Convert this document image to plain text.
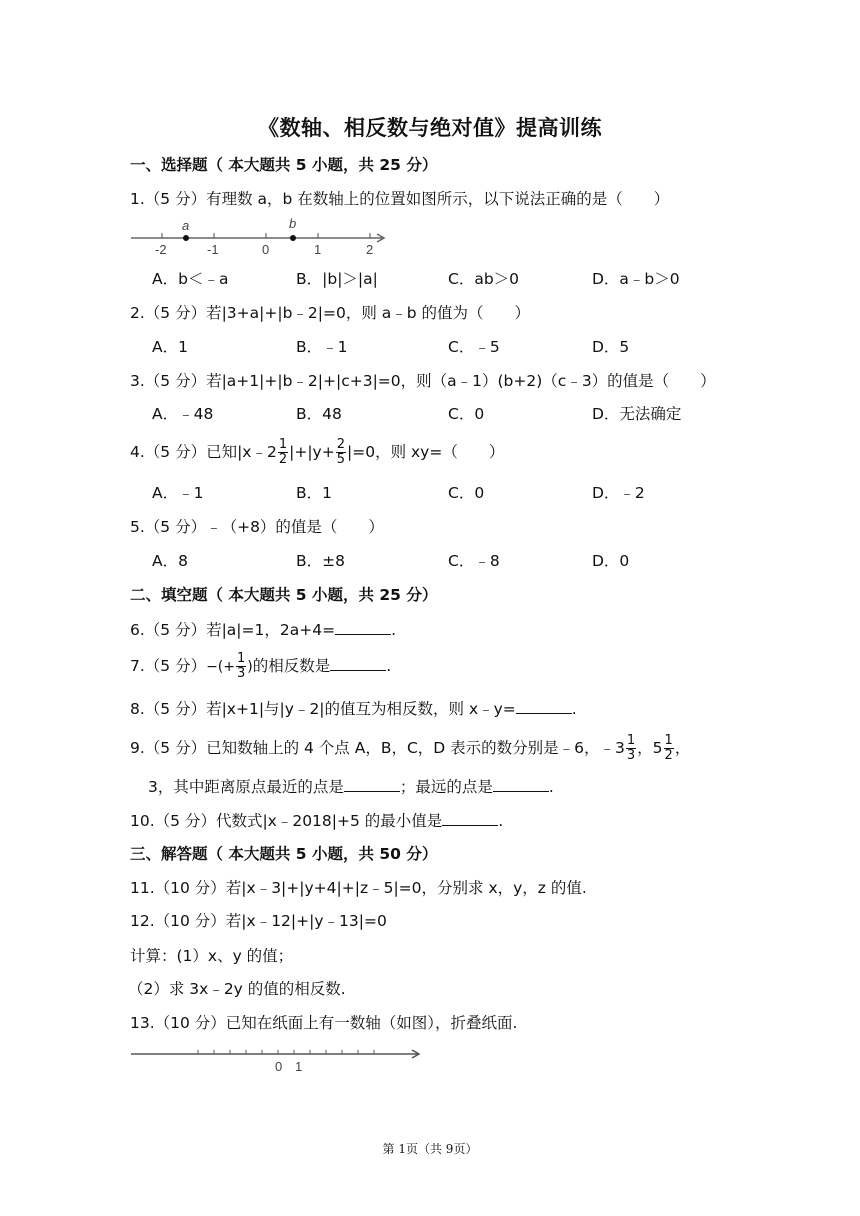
《数轴、相反数与绝对值》提高训练
一、选择题（ 本大题共 5 小题，共 25 分）
1.（5 分）有理数 a，b 在数轴上的位置如图所示，以下说法正确的是（　　）
a	b
-2	-1	0	1	2
A．b＜﹣a	B．|b|＞|a|	C．ab＞0	D．a﹣b＞0
2.（5 分）若|3+a|+|b﹣2|=0，则 a﹣b 的值为（　　）
A．1	B．﹣1	C．﹣5	D．5
3.（5 分）若|a+1|+|b﹣2|+|c+3|=0，则（a﹣1）(b+2)（c﹣3）的值是（　　）
A．﹣48	B．48	C．0	D．无法确定
4.（5 分）已知|x﹣2 $\frac{1}{2} |+|y+ \frac{2}{5} |=0$，则 xy=（　　）
A．﹣1	B．1	C．0	D．﹣2
5.（5 分）﹣（+8）的值是（　　）
A．8	B．±8	C．﹣8	D．0
二、填空题（ 本大题共 5 小题，共 25 分）
6.（5 分）若|a|=1，2a+4=	.
7.（5 分）−(+ $\frac{1}{3}$ )的相反数是	.
8.（5 分）若|x+1|与|y﹣2|的值互为相反数，则 x﹣y=	.
9.（5 分）已知数轴上的 4 个点 A，B，C，D 表示的数分别是﹣6，﹣3 $\frac{1}{3}$ ，$5 \frac{1}{2}$ ，
3，其中距离原点最近的点是	；最远的点是	.
10.（5 分）代数式|x﹣2018|+5 的最小值是	.
三、解答题（ 本大题共 5 小题，共 50 分）
11.（10 分）若|x﹣3|+|y+4|+|z﹣5|=0，分别求 x，y，z 的值.
12.（10 分）若|x﹣12|+|y﹣13|=0
计算：(1）x、y 的值；
（2）求 3x﹣2y 的值的相反数.
13.（10 分）已知在纸面上有一数轴（如图），折叠纸面.
0 1
第 1页（共 9页）
